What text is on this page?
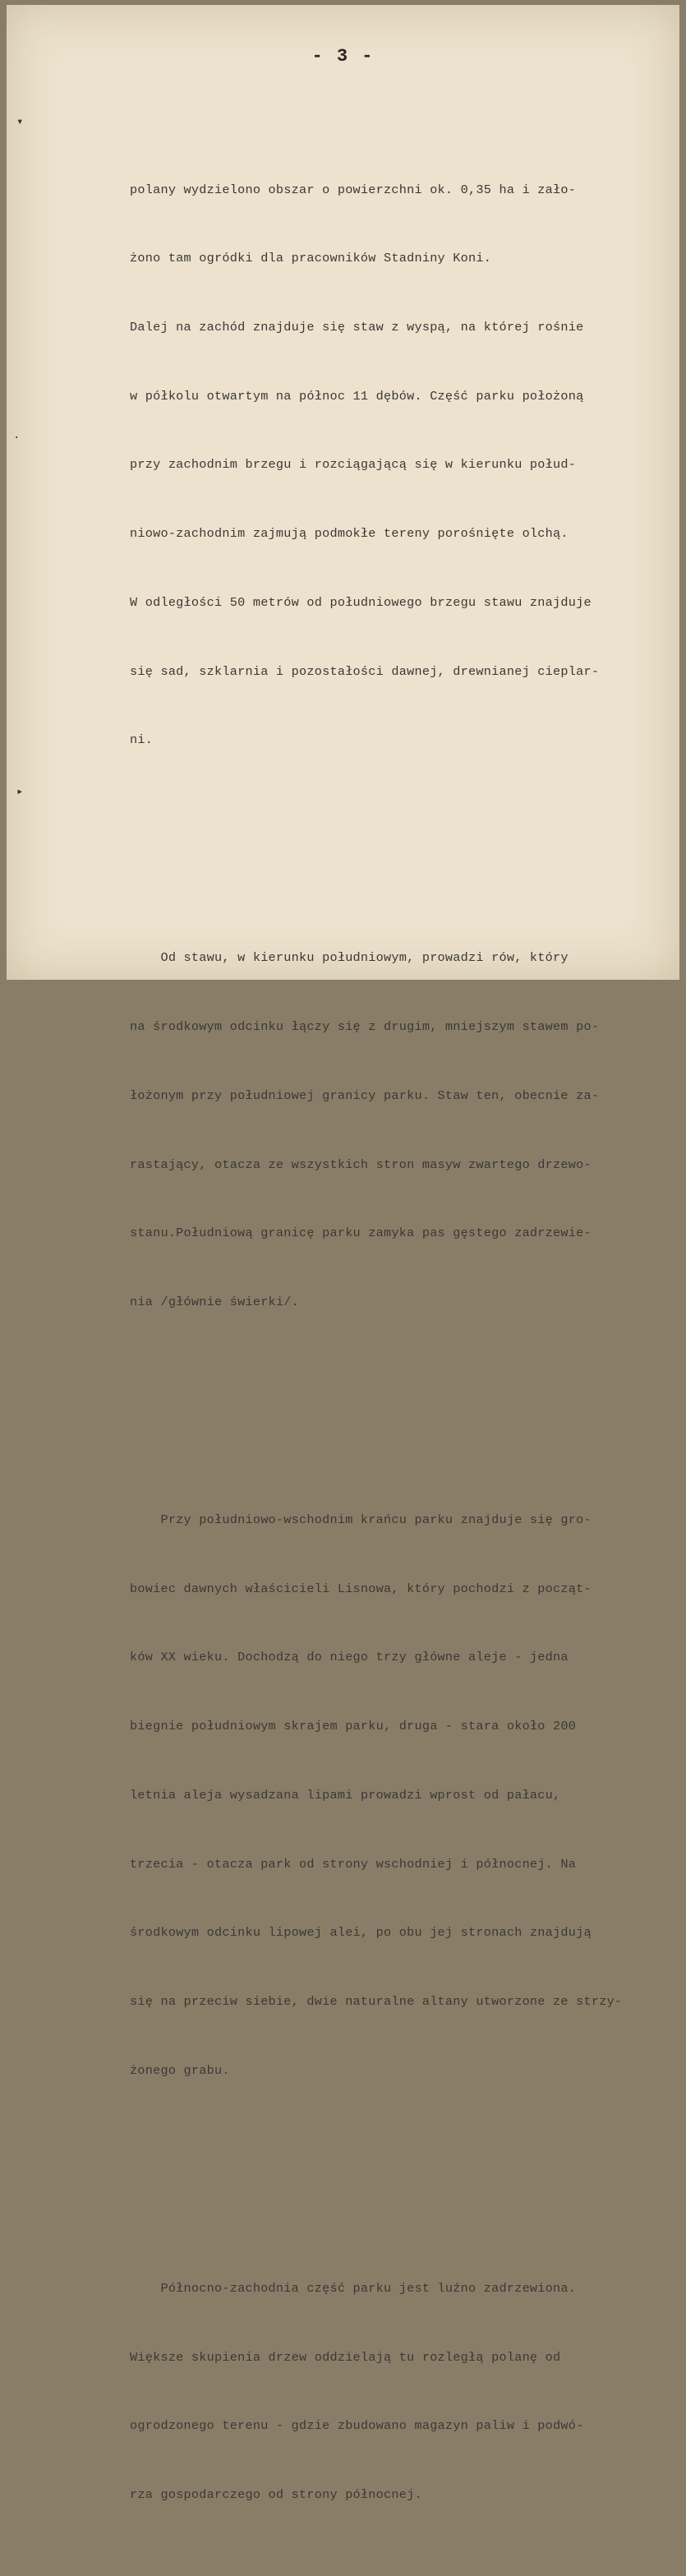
▾
·
▸
- 3 -

polany wydzielono obszar o powierzchni ok. 0,35 ha i zało-

żono tam ogródki dla pracowników Stadniny Koni.

Dalej na zachód znajduje się staw z wyspą, na której rośnie

w półkolu otwartym na północ 11 dębów. Część parku położoną

przy zachodnim brzegu i rozciągającą się w kierunku połud-

niowo-zachodnim zajmują podmokłe tereny porośnięte olchą.

W odległości 50 metrów od południowego brzegu stawu znajduje

się sad, szklarnia i pozostałości dawnej, drewnianej cieplar-

ni.

Od stawu, w kierunku południowym, prowadzi rów, który

na środkowym odcinku łączy się z drugim, mniejszym stawem po-

łożonym przy południowej granicy parku. Staw ten, obecnie za-

rastający, otacza ze wszystkich stron masyw zwartego drzewo-

stanu.Południową granicę parku zamyka pas gęstego zadrzewie-

nia /głównie świerki/.

Przy południowo-wschodnim krańcu parku znajduje się gro-

bowiec dawnych właścicieli Lisnowa, który pochodzi z począt-

ków XX wieku. Dochodzą do niego trzy główne aleje - jedna

biegnie południowym skrajem parku, druga - stara około 200

letnia aleja wysadzana lipami prowadzi wprost od pałacu,

trzecia - otacza park od strony wschodniej i północnej. Na

środkowym odcinku lipowej alei, po obu jej stronach znajdują

się na przeciw siebie, dwie naturalne altany utworzone ze strzy-

żonego grabu.

Północno-zachodnia część parku jest luźno zadrzewiona.

Większe skupienia drzew oddzielają tu rozległą polanę od

ogrodzonego terenu - gdzie zbudowano magazyn paliw i podwó-

rza gospodarczego od strony północnej.
